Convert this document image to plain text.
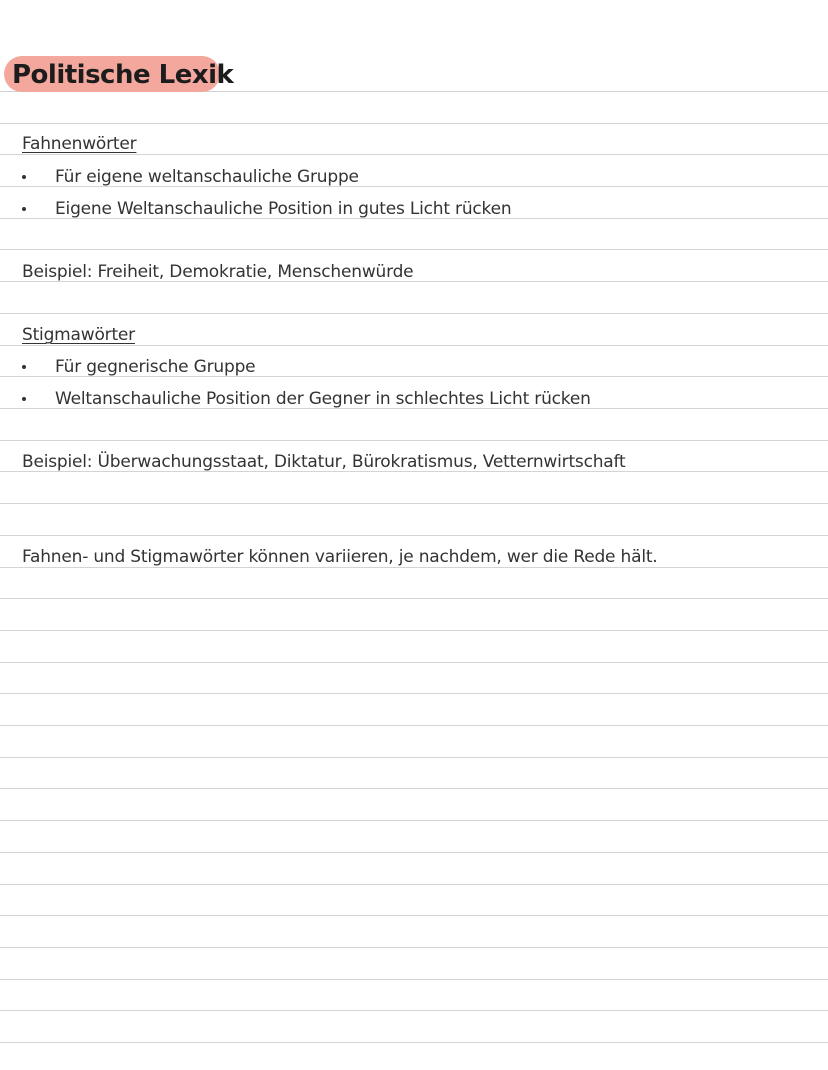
Politische Lexik
Fahnenwörter
Für eigene weltanschauliche Gruppe
Eigene Weltanschauliche Position in gutes Licht rücken
Beispiel: Freiheit, Demokratie, Menschenwürde
Stigmawörter
Für gegnerische Gruppe
Weltanschauliche Position der Gegner in schlechtes Licht rücken
Beispiel: Überwachungsstaat, Diktatur, Bürokratismus, Vetternwirtschaft
Fahnen- und Stigmawörter können variieren, je nachdem, wer die Rede hält.
